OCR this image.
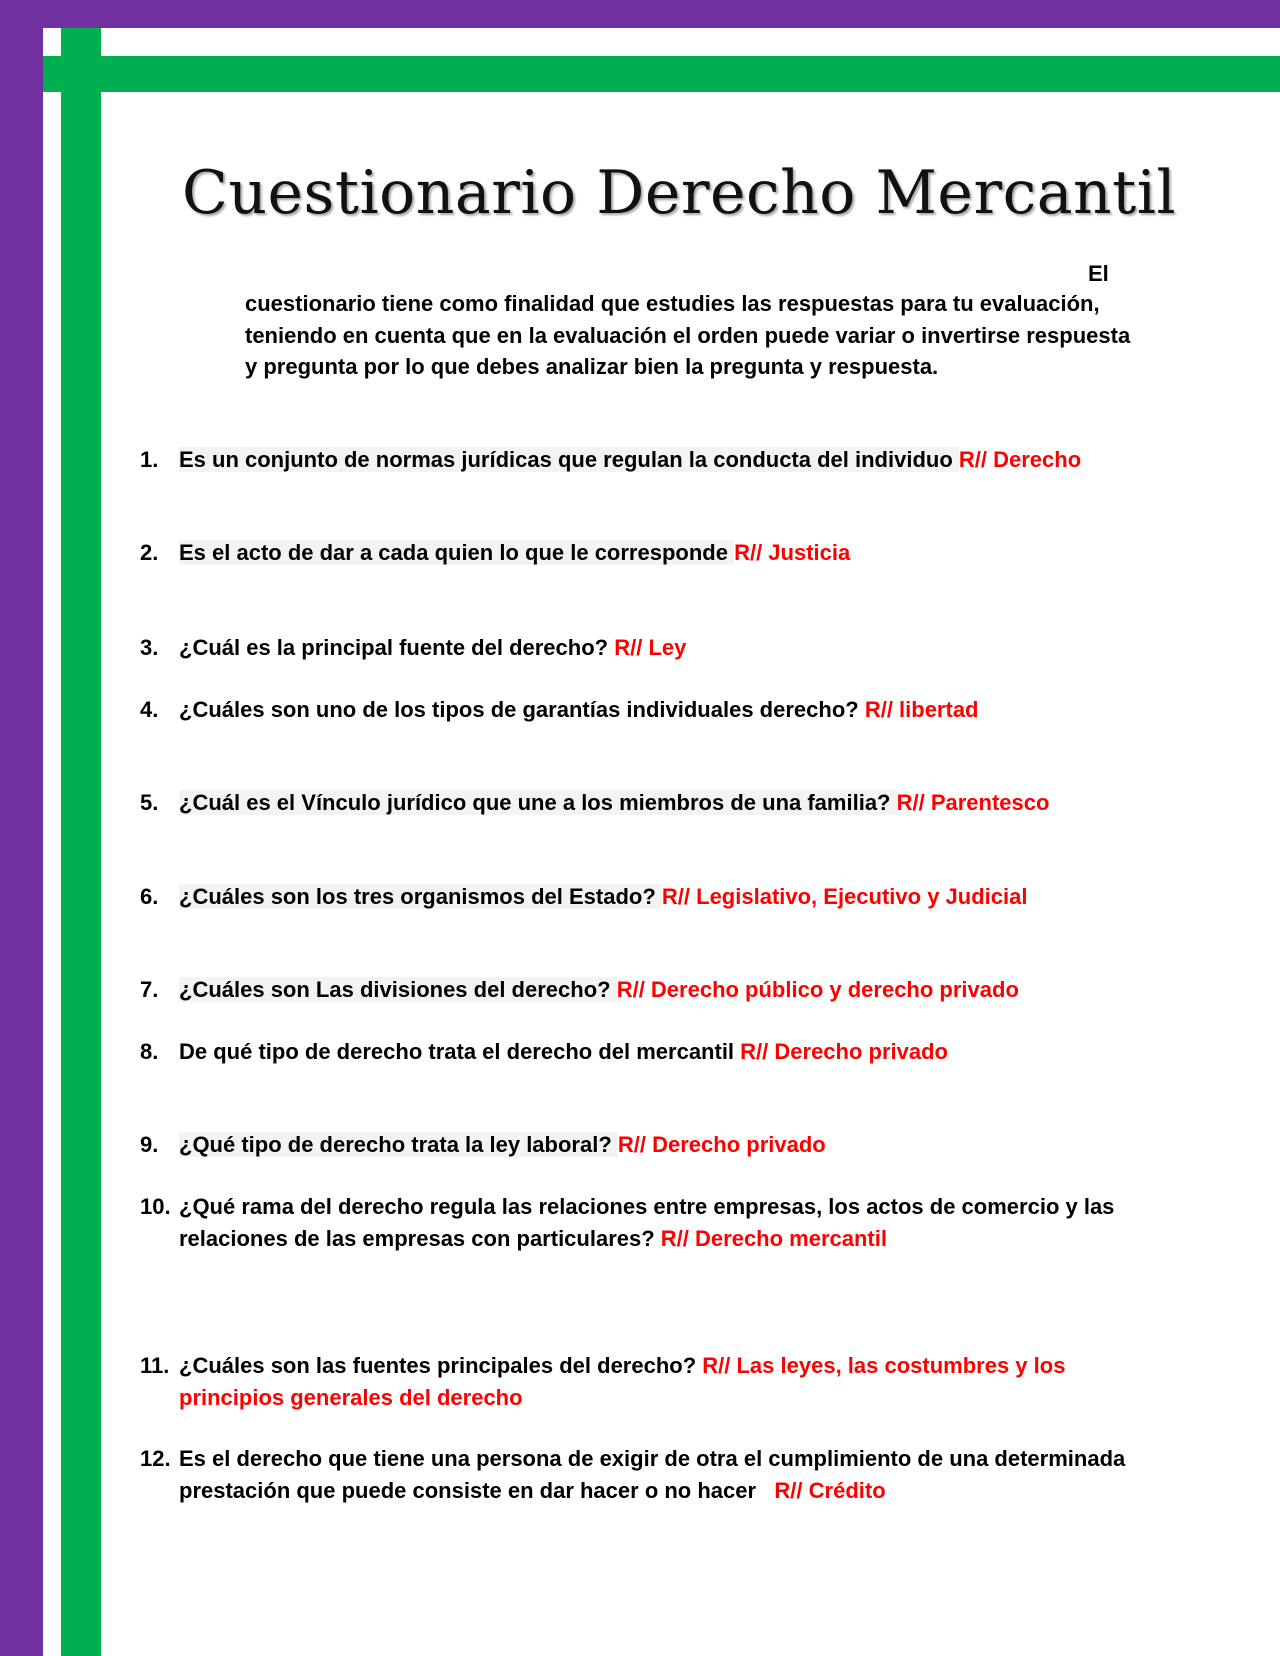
Cuestionario Derecho Mercantil
El

cuestionario tiene como finalidad que estudies las respuestas para tu evaluación, teniendo en cuenta que en la evaluación el orden puede variar o invertirse respuesta y pregunta por lo que debes analizar bien la pregunta y respuesta.

1. Es un conjunto de normas jurídicas que regulan la conducta del individuo R// Derecho
2. Es el acto de dar a cada quien lo que le corresponde R// Justicia
3. ¿Cuál es la principal fuente del derecho? R// Ley
4. ¿Cuáles son uno de los tipos de garantías individuales derecho? R// libertad
5. ¿Cuál es el Vínculo jurídico que une a los miembros de una familia? R// Parentesco
6. ¿Cuáles son los tres organismos del Estado? R// Legislativo, Ejecutivo y Judicial
7. ¿Cuáles son Las divisiones del derecho? R// Derecho público y derecho privado
8. De qué tipo de derecho trata el derecho del mercantil R// Derecho privado
9. ¿Qué tipo de derecho trata la ley laboral? R// Derecho privado
10. ¿Qué rama del derecho regula las relaciones entre empresas, los actos de comercio y las relaciones de las empresas con particulares? R// Derecho mercantil
11. ¿Cuáles son las fuentes principales del derecho? R// Las leyes, las costumbres y los principios generales del derecho
12. Es el derecho que tiene una persona de exigir de otra el cumplimiento de una determinada prestación que puede consiste en dar hacer o no hacer   R// Crédito
